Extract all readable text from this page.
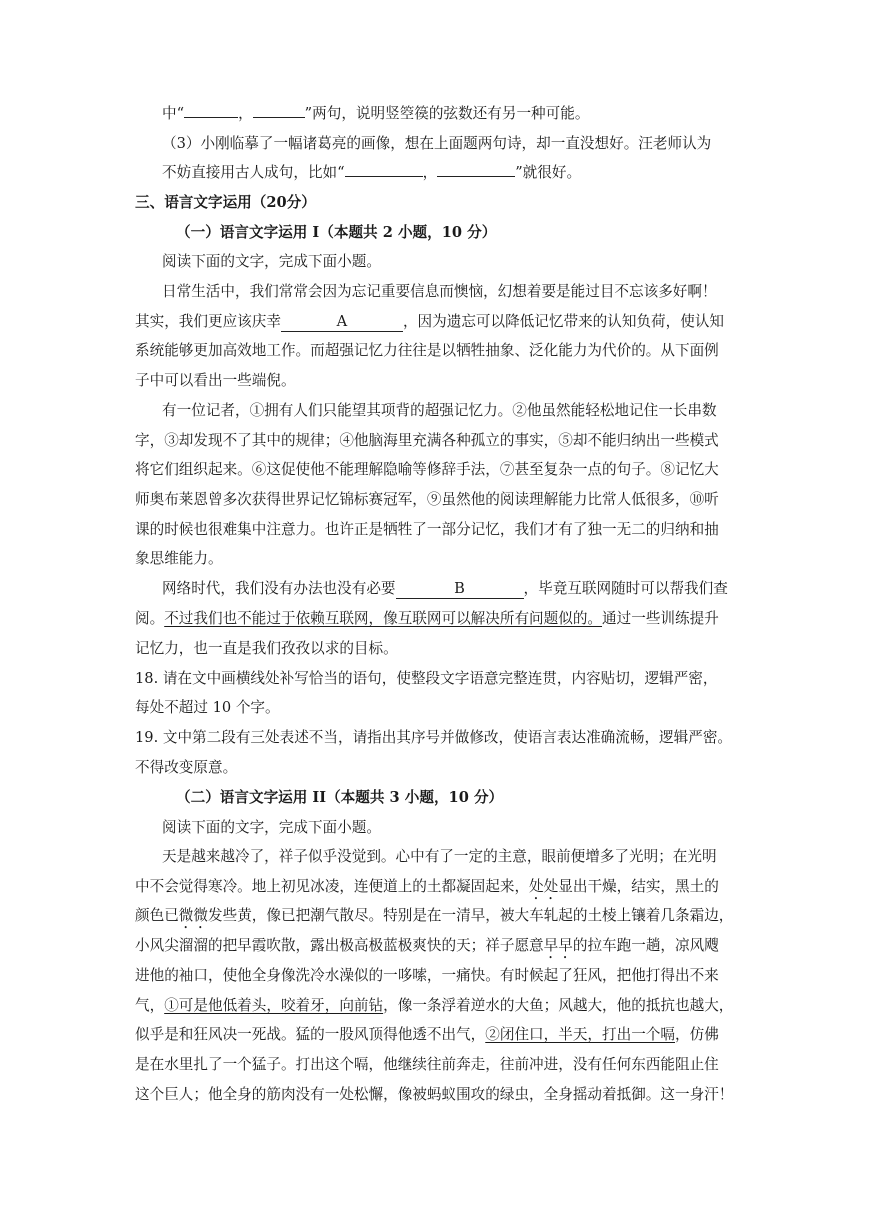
中“	，	”两句，说明竖箜篌的弦数还有另一种可能。
（3）小刚临摹了一幅诸葛亮的画像，想在上面题两句诗，却一直没想好。汪老师认为
不妨直接用古人成句，比如“	，	”就很好。
三、语言文字运用（20分）
（一）语言文字运用 I（本题共 2 小题，10 分）
阅读下面的文字，完成下面小题。
日常生活中，我们常常会因为忘记重要信息而懊恼，幻想着要是能过目不忘该多好啊！
其实，我们更应该庆幸	A	，因为遗忘可以降低记忆带来的认知负荷，使认知
系统能够更加高效地工作。而超强记忆力往往是以牺牲抽象、泛化能力为代价的。从下面例
子中可以看出一些端倪。
有一位记者，①拥有人们只能望其项背的超强记忆力。②他虽然能轻松地记住一长串数
字，③却发现不了其中的规律；④他脑海里充满各种孤立的事实，⑤却不能归纳出一些模式
将它们组织起来。⑥这促使他不能理解隐喻等修辞手法，⑦甚至复杂一点的句子。⑧记忆大
师奥布莱恩曾多次获得世界记忆锦标赛冠军，⑨虽然他的阅读理解能力比常人低很多，⑩听
课的时候也很难集中注意力。也许正是牺牲了一部分记忆，我们才有了独一无二的归纳和抽
象思维能力。
网络时代，我们没有办法也没有必要	B	，毕竟互联网随时可以帮我们查
阅。不过我们也不能过于依赖互联网，像互联网可以解决所有问题似的。通过一些训练提升
记忆力，也一直是我们孜孜以求的目标。
18. 请在文中画横线处补写恰当的语句，使整段文字语意完整连贯，内容贴切，逻辑严密，
每处不超过 10 个字。
19. 文中第二段有三处表述不当，请指出其序号并做修改，使语言表达准确流畅，逻辑严密。
不得改变原意。
（二）语言文字运用 II（本题共 3 小题，10 分）
阅读下面的文字，完成下面小题。
天是越来越冷了，祥子似乎没觉到。心中有了一定的主意，眼前便增多了光明；在光明
中不会觉得寒冷。地上初见冰凌，连便道上的土都凝固起来，处处显出干燥，结实，黑土的
颜色已微微发些黄，像已把潮气散尽。特别是在一清早，被大车轧起的土棱上镶着几条霜边，
小风尖溜溜的把早霞吹散，露出极高极蓝极爽快的天；祥子愿意早早的拉车跑一趟，凉风飕
进他的袖口，使他全身像洗冷水澡似的一哆嗦，一痛快。有时候起了狂风，把他打得出不来
气，①可是他低着头，咬着牙，向前钻，像一条浮着逆水的大鱼；风越大，他的抵抗也越大，
似乎是和狂风决一死战。猛的一股风顶得他透不出气，②闭住口，半天，打出一个嗝，仿佛
是在水里扎了一个猛子。打出这个嗝，他继续往前奔走，往前冲进，没有任何东西能阻止住
这个巨人；他全身的筋肉没有一处松懈，像被蚂蚁围攻的绿虫，全身摇动着抵御。这一身汗！
